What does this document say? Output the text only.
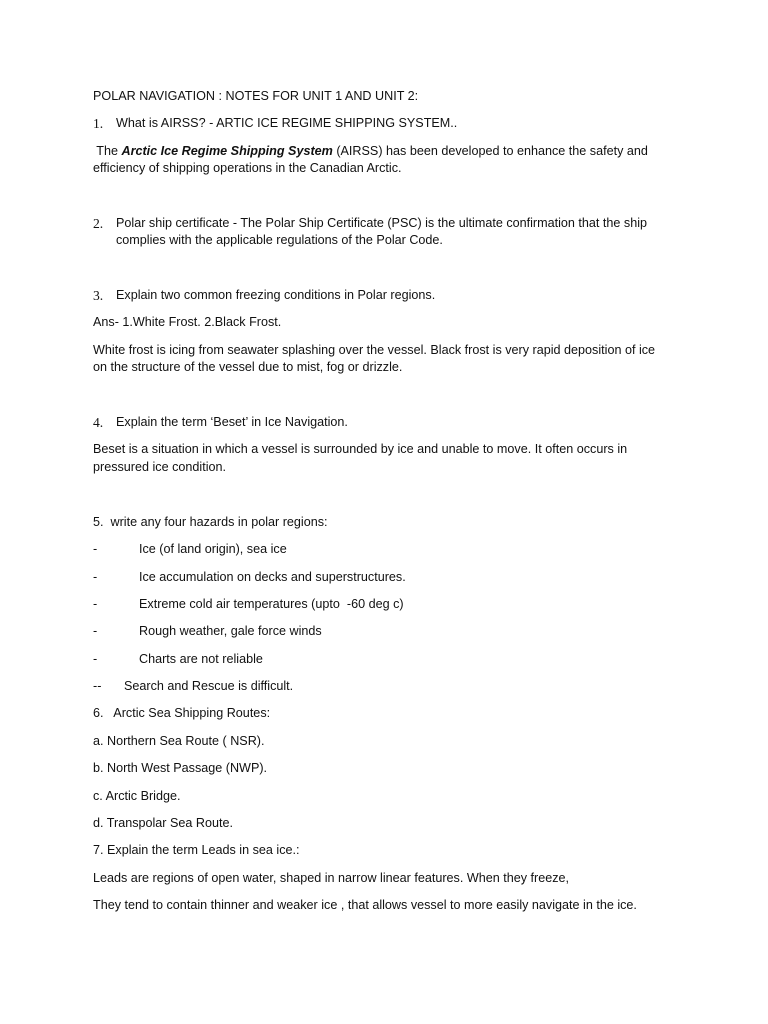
POLAR NAVIGATION : NOTES FOR UNIT 1 AND UNIT 2:
1.	What is AIRSS? - ARTIC ICE REGIME SHIPPING SYSTEM..
The Arctic Ice Regime Shipping System (AIRSS) has been developed to enhance the safety and
efficiency of shipping operations in the Canadian Arctic.
2.	Polar ship certificate - The Polar Ship Certificate (PSC) is the ultimate confirmation that the ship
complies with the applicable regulations of the Polar Code.
3.	Explain two common freezing conditions in Polar regions.
Ans- 1.White Frost. 2.Black Frost.
White frost is icing from seawater splashing over the vessel. Black frost is very rapid deposition of ice
on the structure of the vessel due to mist, fog or drizzle.
4.	Explain the term ‘Beset’ in Ice Navigation.
Beset is a situation in which a vessel is surrounded by ice and unable to move. It often occurs in
pressured ice condition.
5.  write any four hazards in polar regions:
-	Ice (of land origin), sea ice
-	Ice accumulation on decks and superstructures.
-	Extreme cold air temperatures (upto  -60 deg c)
-	Rough weather, gale force winds
-	Charts are not reliable
-- Search and Rescue is difficult.
6.   Arctic Sea Shipping Routes:
a. Northern Sea Route ( NSR).
b. North West Passage (NWP).
c. Arctic Bridge.
d. Transpolar Sea Route.
7. Explain the term Leads in sea ice.:
Leads are regions of open water, shaped in narrow linear features. When they freeze,
They tend to contain thinner and weaker ice , that allows vessel to more easily navigate in the ice.
